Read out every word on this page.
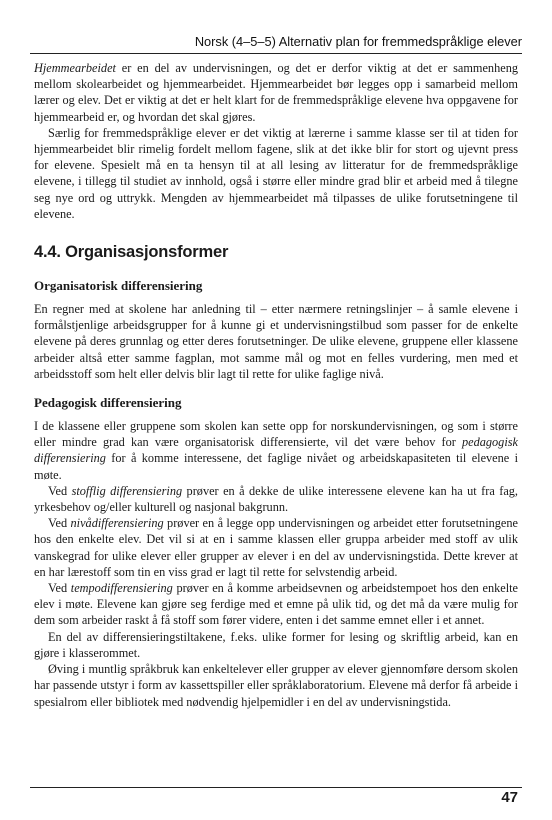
Norsk (4–5–5) Alternativ plan for fremmedspråklige elever

Hjemmearbeidet er en del av undervisningen, og det er derfor viktig at det er sammenheng mellom skolearbeidet og hjemmearbeidet. Hjemmearbeidet bør legges opp i samarbeid mellom lærer og elev. Det er viktig at det er helt klart for de fremmedspråklige elevene hva oppgavene for hjemmearbeid er, og hvordan det skal gjøres.

Særlig for fremmedspråklige elever er det viktig at lærerne i samme klasse ser til at tiden for hjemmearbeidet blir rimelig fordelt mellom fagene, slik at det ikke blir for stort og ujevnt press for elevene. Spesielt må en ta hensyn til at all lesing av litteratur for de fremmedspråklige elevene, i tillegg til studiet av innhold, også i større eller mindre grad blir et arbeid med å tilegne seg nye ord og uttrykk. Mengden av hjemmearbeidet må tilpasses de ulike forutsetningene til elevene.

4.4. Organisasjonsformer
Organisatorisk differensiering

En regner med at skolene har anledning til – etter nærmere retningslinjer – å samle elevene i formålstjenlige arbeidsgrupper for å kunne gi et undervisningstilbud som passer for de enkelte elevene på deres grunnlag og etter deres forutsetninger. De ulike elevene, gruppene eller klassene arbeider altså etter samme fagplan, mot samme mål og mot en felles vurdering, men med et arbeidsstoff som helt eller delvis blir lagt til rette for ulike faglige nivå.

Pedagogisk differensiering

I de klassene eller gruppene som skolen kan sette opp for norskundervisningen, og som i større eller mindre grad kan være organisatorisk differensierte, vil det være behov for pedagogisk differensiering for å komme interessene, det faglige nivået og arbeidskapasiteten til elevene i møte.

Ved stofflig differensiering prøver en å dekke de ulike interessene elevene kan ha ut fra fag, yrkesbehov og/eller kulturell og nasjonal bakgrunn.

Ved nivådifferensiering prøver en å legge opp undervisningen og arbeidet etter forutsetningene hos den enkelte elev. Det vil si at en i samme klassen eller gruppa arbeider med stoff av ulik vanskegrad for ulike elever eller grupper av elever i en del av undervisningstida. Dette krever at en har lærestoff som tin en viss grad er lagt til rette for selvstendig arbeid.

Ved tempodifferensiering prøver en å komme arbeidsevnen og arbeidstempoet hos den enkelte elev i møte. Elevene kan gjøre seg ferdige med et emne på ulik tid, og det må da være mulig for dem som arbeider raskt å få stoff som fører videre, enten i det samme emnet eller i et annet.

En del av differensieringstiltakene, f.eks. ulike former for lesing og skriftlig arbeid, kan en gjøre i klasserommet.

Øving i muntlig språkbruk kan enkeltelever eller grupper av elever gjennomføre dersom skolen har passende utstyr i form av kassettspiller eller språklaboratorium. Elevene må derfor få arbeide i spesialrom eller bibliotek med nødvendig hjelpemidler i en del av undervisningstida.

47
